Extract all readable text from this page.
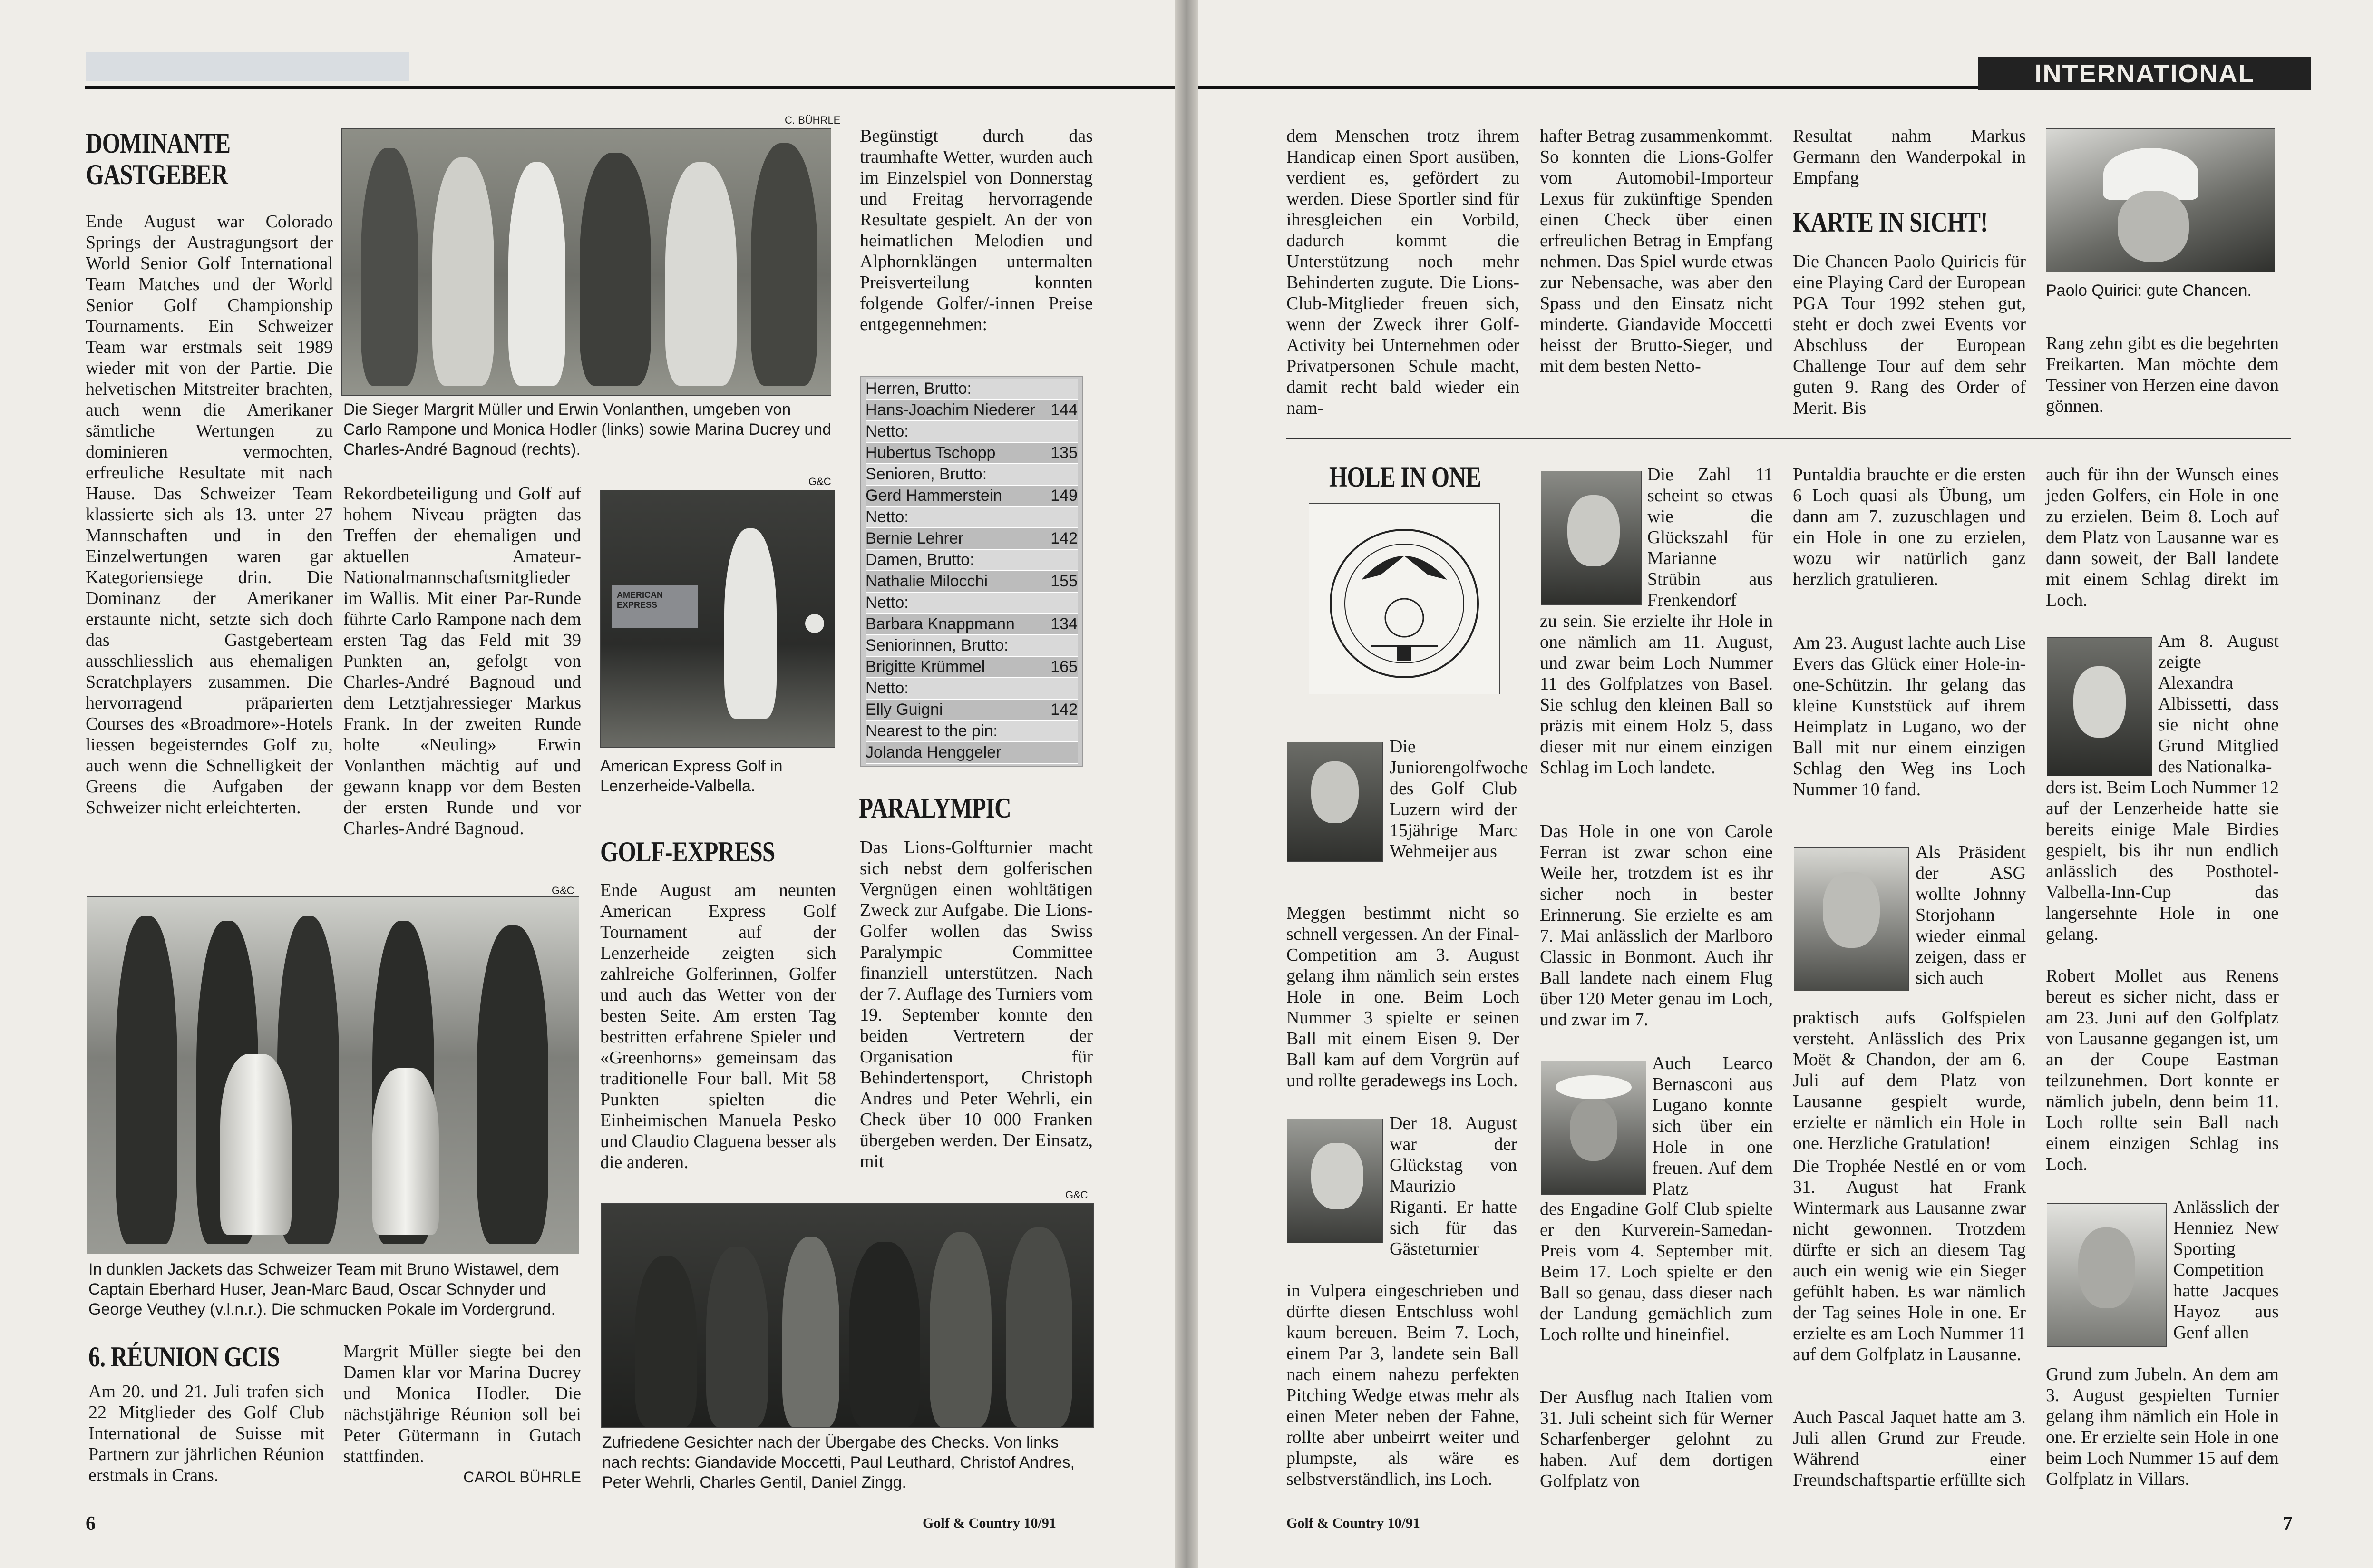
DOMINANTE GASTGEBER

Ende August war Colorado Springs der Austragungsort der World Senior Golf International Team Matches und der World Senior Golf Championship Tournaments. Ein Schweizer Team war erstmals seit 1989 wieder mit von der Partie. Die helvetischen Mitstreiter brachten, auch wenn die Amerikaner sämtliche Wertungen zu dominieren vermochten, erfreuliche Resultate mit nach Hause. Das Schweizer Team klassierte sich als 13. unter 27 Mannschaften und in den Einzelwertungen waren gar Kategoriensiege drin. Die Dominanz der Amerikaner erstaunte nicht, setzte sich doch das Gastgeberteam ausschliesslich aus ehemaligen Scratchplayers zusammen. Die hervorragend präparierten Courses des «Broadmore»-Hotels liessen begeisterndes Golf zu, auch wenn die Schnelligkeit der Greens die Aufgaben der Schweizer nicht erleichterten.

C. BÜHRLE
Die Sieger Margrit Müller und Erwin Vonlanthen, umgeben von Carlo Rampone und Monica Hodler (links) sowie Marina Ducrey und Charles-André Bagnoud (rechts).

Rekordbeteiligung und Golf auf hohem Niveau prägten das Treffen der ehemaligen und aktuellen Amateur-Nationalmannschaftsmitglieder im Wallis. Mit einer Par-Runde führte Carlo Rampone nach dem ersten Tag das Feld mit 39 Punkten an, gefolgt von Charles-André Bagnoud und dem Letztjahressieger Markus Frank. In der zweiten Runde holte «Neuling» Erwin Vonlanthen mächtig auf und gewann knapp vor dem Besten der ersten Runde und vor Charles-André Bagnoud.

G&C
AMERICAN EXPRESS
American Express Golf in Lenzerheide-Valbella.
GOLF-EXPRESS

Ende August am neunten American Express Golf Tournament auf der Lenzerheide zeigten sich zahlreiche Golferinnen, Golfer und auch das Wetter von der besten Seite. Am ersten Tag bestritten erfahrene Spieler und «Greenhorns» gemeinsam das traditionelle Four ball. Mit 58 Punkten spielten die Einheimischen Manuela Pesko und Claudio Claguena besser als die anderen.

G&C
In dunklen Jackets das Schweizer Team mit Bruno Wistawel, dem Captain Eberhard Huser, Jean-Marc Baud, Oscar Schnyder und George Veuthey (v.l.n.r.). Die schmucken Pokale im Vordergrund.
6. RÉUNION GCIS

Am 20. und 21. Juli trafen sich 22 Mitglieder des Golf Club International de Suisse mit Partnern zur jährlichen Réunion erstmals in Crans.

Margrit Müller siegte bei den Damen klar vor Marina Ducrey und Monica Hodler. Die nächstjährige Réunion soll bei Peter Gütermann in Gutach stattfinden.

CAROL BÜHRLE

Begünstigt durch das traumhafte Wetter, wurden auch im Einzelspiel von Donnerstag und Freitag hervorragende Resultate gespielt. An der von heimatlichen Melodien und Alphornklängen untermalten Preisverteilung konnten folgende Golfer/-innen Preise entgegennehmen:

Herren, Brutto:
Hans-Joachim Niederer 144
Netto:
Hubertus Tschopp	135
Senioren, Brutto:
Gerd Hammerstein	149
Netto:
Bernie Lehrer	142
Damen, Brutto:
Nathalie Milocchi	155
Netto:
Barbara Knappmann 134
Seniorinnen, Brutto:
Brigitte Krümmel	165
Netto:
Elly Guigni	142
Nearest to the pin:
Jolanda Henggeler
PARALYMPIC

Das Lions-Golfturnier macht sich nebst dem golferischen Vergnügen einen wohltätigen Zweck zur Aufgabe. Die Lions-Golfer wollen das Swiss Paralympic Committee finanziell unterstützen. Nach der 7. Auflage des Turniers vom 19. September konnte den beiden Vertretern der Organisation für Behindertensport, Christoph Andres und Peter Wehrli, ein Check über 10 000 Franken übergeben werden. Der Einsatz, mit

G&C
Zufriedene Gesichter nach der Übergabe des Checks. Von links nach rechts: Giandavide Moccetti, Paul Leuthard, Christof Andres, Peter Wehrli, Charles Gentil, Daniel Zingg.
6	Golf & Country 10/91
INTERNATIONAL

dem Menschen trotz ihrem Handicap einen Sport ausüben, verdient es, gefördert zu werden. Diese Sportler sind für ihresgleichen ein Vorbild, dadurch kommt die Unterstützung noch mehr Behinderten zugute. Die Lions-Club-Mitglieder freuen sich, wenn der Zweck ihrer Golf-Activity bei Unternehmen oder Privatpersonen Schule macht, damit recht bald wieder ein nam-

hafter Betrag zusammenkommt. So konnten die Lions-Golfer vom Automobil-Importeur Lexus für zukünftige Spenden einen Check über einen erfreulichen Betrag in Empfang nehmen. Das Spiel wurde etwas zur Nebensache, was aber den Spass und den Einsatz nicht minderte. Giandavide Moccetti heisst der Brutto-Sieger, und mit dem besten Netto-

Resultat nahm Markus Germann den Wanderpokal in Empfang

KARTE IN SICHT!

Die Chancen Paolo Quiricis für eine Playing Card der European PGA Tour 1992 stehen gut, steht er doch zwei Events vor Abschluss der European Challenge Tour auf dem sehr guten 9. Rang des Order of Merit. Bis

Paolo Quirici: gute Chancen.

Rang zehn gibt es die begehrten Freikarten. Man möchte dem Tessiner von Herzen eine davon gönnen.

HOLE IN ONE

Die Juniorengolfwoche des Golf Club Luzern wird der 15jährige Marc Wehmeijer aus

Meggen bestimmt nicht so schnell vergessen. An der Final-Competition am 3. August gelang ihm nämlich sein erstes Hole in one. Beim Loch Nummer 3 spielte er seinen Ball mit einem Eisen 9. Der Ball kam auf dem Vorgrün auf und rollte geradewegs ins Loch.

Der 18. August war der Glückstag von Maurizio Riganti. Er hatte sich für das Gästeturnier

in Vulpera eingeschrieben und dürfte diesen Entschluss wohl kaum bereuen. Beim 7. Loch, einem Par 3, landete sein Ball nach einem nahezu perfekten Pitching Wedge etwas mehr als einen Meter neben der Fahne, rollte aber unbeirrt weiter und plumpste, als wäre es selbstverständlich, ins Loch.

Die Zahl 11 scheint so etwas wie die Glückszahl für Marianne Strübin aus Frenkendorf

zu sein. Sie erzielte ihr Hole in one nämlich am 11. August, und zwar beim Loch Nummer 11 des Golfplatzes von Basel. Sie schlug den kleinen Ball so präzis mit einem Holz 5, dass dieser mit nur einem einzigen Schlag im Loch landete.

Das Hole in one von Carole Ferran ist zwar schon eine Weile her, trotzdem ist es ihr sicher noch in bester Erinnerung. Sie erzielte es am 7. Mai anlässlich der Marlboro Classic in Bonmont. Auch ihr Ball landete nach einem Flug über 120 Meter genau im Loch, und zwar im 7.

Auch Learco Bernasconi aus Lugano konnte sich über ein Hole in one freuen. Auf dem Platz

des Engadine Golf Club spielte er den Kurverein-Samedan-Preis vom 4. September mit. Beim 17. Loch spielte er den Ball so genau, dass dieser nach der Landung gemächlich zum Loch rollte und hineinfiel.

Der Ausflug nach Italien vom 31. Juli scheint sich für Werner Scharfenberger gelohnt zu haben. Auf dem dortigen Golfplatz von

Puntaldia brauchte er die ersten 6 Loch quasi als Übung, um dann am 7. zuzuschlagen und ein Hole in one zu erzielen, wozu wir natürlich ganz herzlich gratulieren.

Am 23. August lachte auch Lise Evers das Glück einer Hole-in-one-Schützin. Ihr gelang das kleine Kunststück auf ihrem Heimplatz in Lugano, wo der Ball mit nur einem einzigen Schlag den Weg ins Loch Nummer 10 fand.

Als Präsident der ASG wollte Johnny Storjohann wieder einmal zeigen, dass er sich auch

praktisch aufs Golfspielen versteht. Anlässlich des Prix Moët & Chandon, der am 6. Juli auf dem Platz von Lausanne gespielt wurde, erzielte er nämlich ein Hole in one. Herzliche Gratulation!

Die Trophée Nestlé en or vom 31. August hat Frank Wintermark aus Lausanne zwar nicht gewonnen. Trotzdem dürfte er sich an diesem Tag auch ein wenig wie ein Sieger gefühlt haben. Es war nämlich der Tag seines Hole in one. Er erzielte es am Loch Nummer 11 auf dem Golfplatz in Lausanne.

Auch Pascal Jaquet hatte am 3. Juli allen Grund zur Freude. Während einer Freundschaftspartie erfüllte sich

auch für ihn der Wunsch eines jeden Golfers, ein Hole in one zu erzielen. Beim 8. Loch auf dem Platz von Lausanne war es dann soweit, der Ball landete mit einem Schlag direkt im Loch.

Am 8. August zeigte Alexandra Albissetti, dass sie nicht ohne Grund Mitglied des Nationalka-

ders ist. Beim Loch Nummer 12 auf der Lenzerheide hatte sie bereits einige Male Birdies gespielt, bis ihr nun endlich anlässlich des Posthotel-Valbella-Inn-Cup das langersehnte Hole in one gelang.

Robert Mollet aus Renens bereut es sicher nicht, dass er am 23. Juni auf den Golfplatz von Lausanne gegangen ist, um an der Coupe Eastman teilzunehmen. Dort konnte er nämlich jubeln, denn beim 11. Loch rollte sein Ball nach einem einzigen Schlag ins Loch.

Anlässlich der Henniez New Sporting Competition hatte Jacques Hayoz aus Genf allen

Grund zum Jubeln. An dem am 3. August gespielten Turnier gelang ihm nämlich ein Hole in one. Er erzielte sein Hole in one beim Loch Nummer 15 auf dem Golfplatz in Villars.

Golf & Country 10/91	7
